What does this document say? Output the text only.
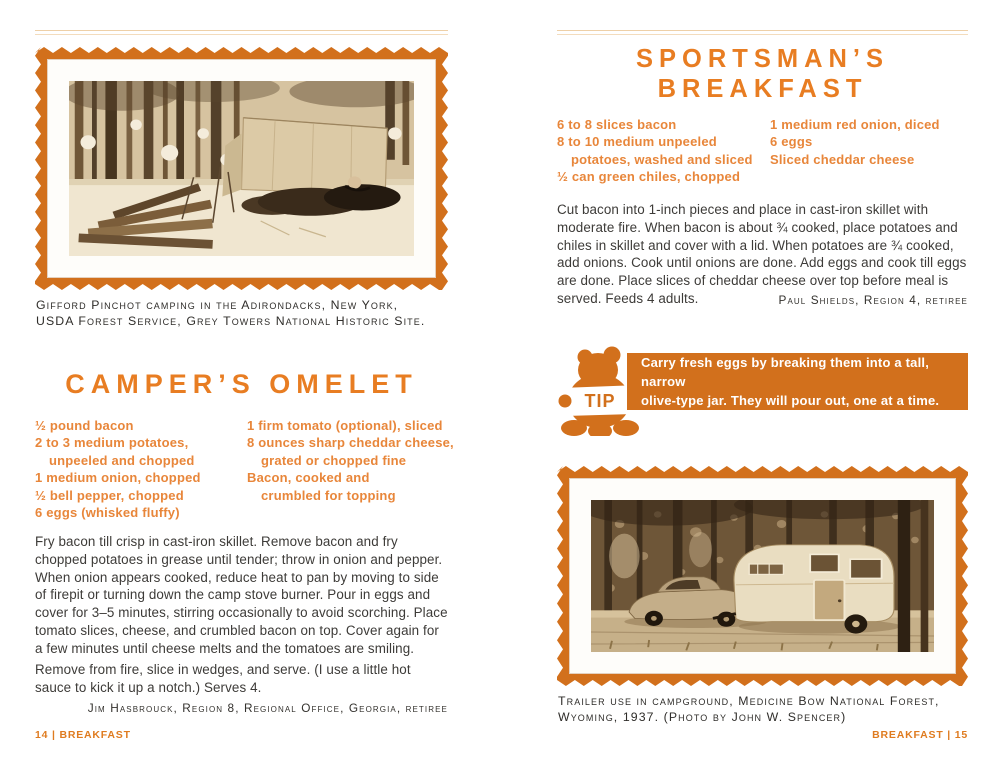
Gifford Pinchot camping in the Adirondacks, New York,
USDA Forest Service, Grey Towers National Historic Site.

CAMPER’S OMELET
½ pound bacon
2 to 3 medium potatoes,
unpeeled and chopped
1 medium onion, chopped
½ bell pepper, chopped
6 eggs (whisked fluffy)
1 firm tomato (optional), sliced
8 ounces sharp cheddar cheese,
grated or chopped fine
Bacon, cooked and
crumbled for topping

Fry bacon till crisp in cast-iron skillet. Remove bacon and fry chopped potatoes in grease until tender; throw in onion and pepper. When onion appears cooked, reduce heat to pan by moving to side of firepit or turning down the camp stove burner. Pour in eggs and cover for 3–5 minutes, stirring occasionally to avoid scorching. Place tomato slices, cheese, and crumbled bacon on top. Cover again for a few minutes until cheese melts and the tomatoes are smiling.

Remove from fire, slice in wedges, and serve. (I use a little hot sauce to kick it up a notch.) Serves 4.

Jim Hasbrouck, Region 8, Regional Office, Georgia, retiree

14 | BREAKFAST

SPORTSMAN’S
BREAKFAST
6 to 8 slices bacon
8 to 10 medium unpeeled
potatoes, washed and sliced
½ can green chiles, chopped
1 medium red onion, diced
6 eggs
Sliced cheddar cheese

Cut bacon into 1-inch pieces and place in cast-iron skillet with moderate fire. When bacon is about ¾ cooked, place potatoes and chiles in skillet and cover with a lid. When potatoes are ¾ cooked, add onions. Cook until onions are done. Add eggs and cook till eggs are done. Place slices of cheddar cheese over top before meal is served. Feeds 4 adults.	Paul Shields, Region 4, retiree

TIP

Carry fresh eggs by breaking them into a tall, narrow
olive-type jar. They will pour out, one at a time.

Trailer use in campground, Medicine Bow National Forest,
Wyoming, 1937. (Photo by John W. Spencer)

BREAKFAST | 15
